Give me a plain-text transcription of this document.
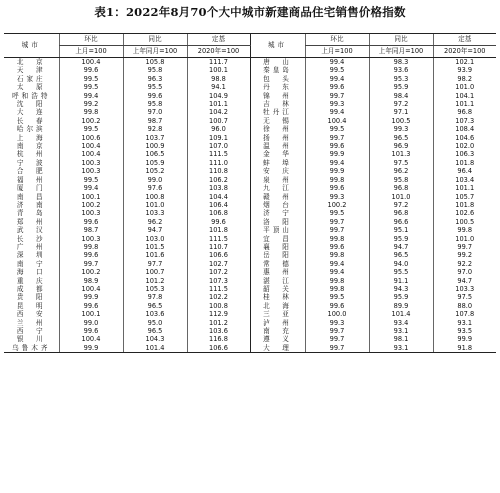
表1：2022年8月70个大中城市新建商品住宅销售价格指数
城市	环比	同比	定基	城市	环比	同比	定基
	上月=100	上年同月=100	2020年=100		上月=100	上年同月=100	2020年=100
北　京	100.4	105.8	111.7	唐　山	99.4	98.3	102.1
天　津	99.6	95.8	100.1	秦皇岛	99.5	93.6	93.9
石家庄	99.5	96.3	98.8	包　头	99.4	95.3	98.2
太　原	99.5	95.5	94.1	丹　东	99.6	95.9	101.0
呼和浩特	99.4	99.6	104.9	锦　州	99.7	98.4	104.1
沈　阳	99.2	95.8	101.1	吉　林	99.3	97.2	101.1
大　连	99.8	97.0	104.2	牡丹江	99.4	97.1	96.8
长　春	100.2	98.7	100.7	无　锡	100.4	100.5	107.3
哈尔滨	99.5	92.8	96.0	徐　州	99.5	99.3	108.4
上　海	100.6	103.7	109.1	扬　州	99.7	96.5	104.6
南　京	100.4	100.9	107.0	温　州	99.6	96.9	102.0
杭　州	100.4	106.5	111.5	金　华	99.9	101.3	106.3
宁　波	100.3	105.9	111.0	蚌　埠	99.4	97.5	101.8
合　肥	100.3	105.2	110.8	安　庆	99.9	96.2	96.4
福　州	99.5	99.0	106.2	泉　州	99.8	95.8	103.4
厦　门	99.4	97.6	103.8	九　江	99.6	96.8	101.1
南　昌	100.1	100.8	104.4	赣　州	99.3	101.0	105.7
济　南	100.2	101.0	106.4	烟　台	100.2	97.2	101.8
青　岛	100.3	103.3	106.8	济　宁	99.5	96.8	102.6
郑　州	99.6	96.2	99.6	洛　阳	99.7	96.6	100.5
武　汉	98.7	94.7	101.8	平顶山	99.7	95.1	99.8
长　沙	100.3	103.0	111.5	宜　昌	99.8	95.9	101.0
广　州	99.8	101.5	110.7	襄　阳	99.6	94.7	99.7
深　圳	99.6	101.6	106.6	岳　阳	99.8	96.5	99.2
南　宁	99.7	97.7	102.7	常　德	99.4	94.0	92.2
海　口	100.2	100.7	107.2	惠　州	99.4	95.5	97.0
重　庆	98.9	101.2	107.3	湛　江	99.8	91.1	94.7
成　都	100.4	105.3	111.5	韶　关	99.8	94.3	103.3
贵　阳	99.9	97.8	102.2	桂　林	99.5	95.9	97.5
昆　明	99.6	96.5	100.8	北　海	99.6	89.9	88.0
西　安	100.1	103.6	112.9	三　亚	100.0	101.4	107.8
兰　州	99.0	95.0	101.2	泸　州	99.3	93.4	93.1
西　宁	99.6	96.5	103.6	南　充	99.7	93.1	93.5
银　川	100.4	104.3	116.8	遵　义	99.7	98.1	99.9
乌鲁木齐	99.9	101.4	106.6	大　理	99.7	93.1	91.8
